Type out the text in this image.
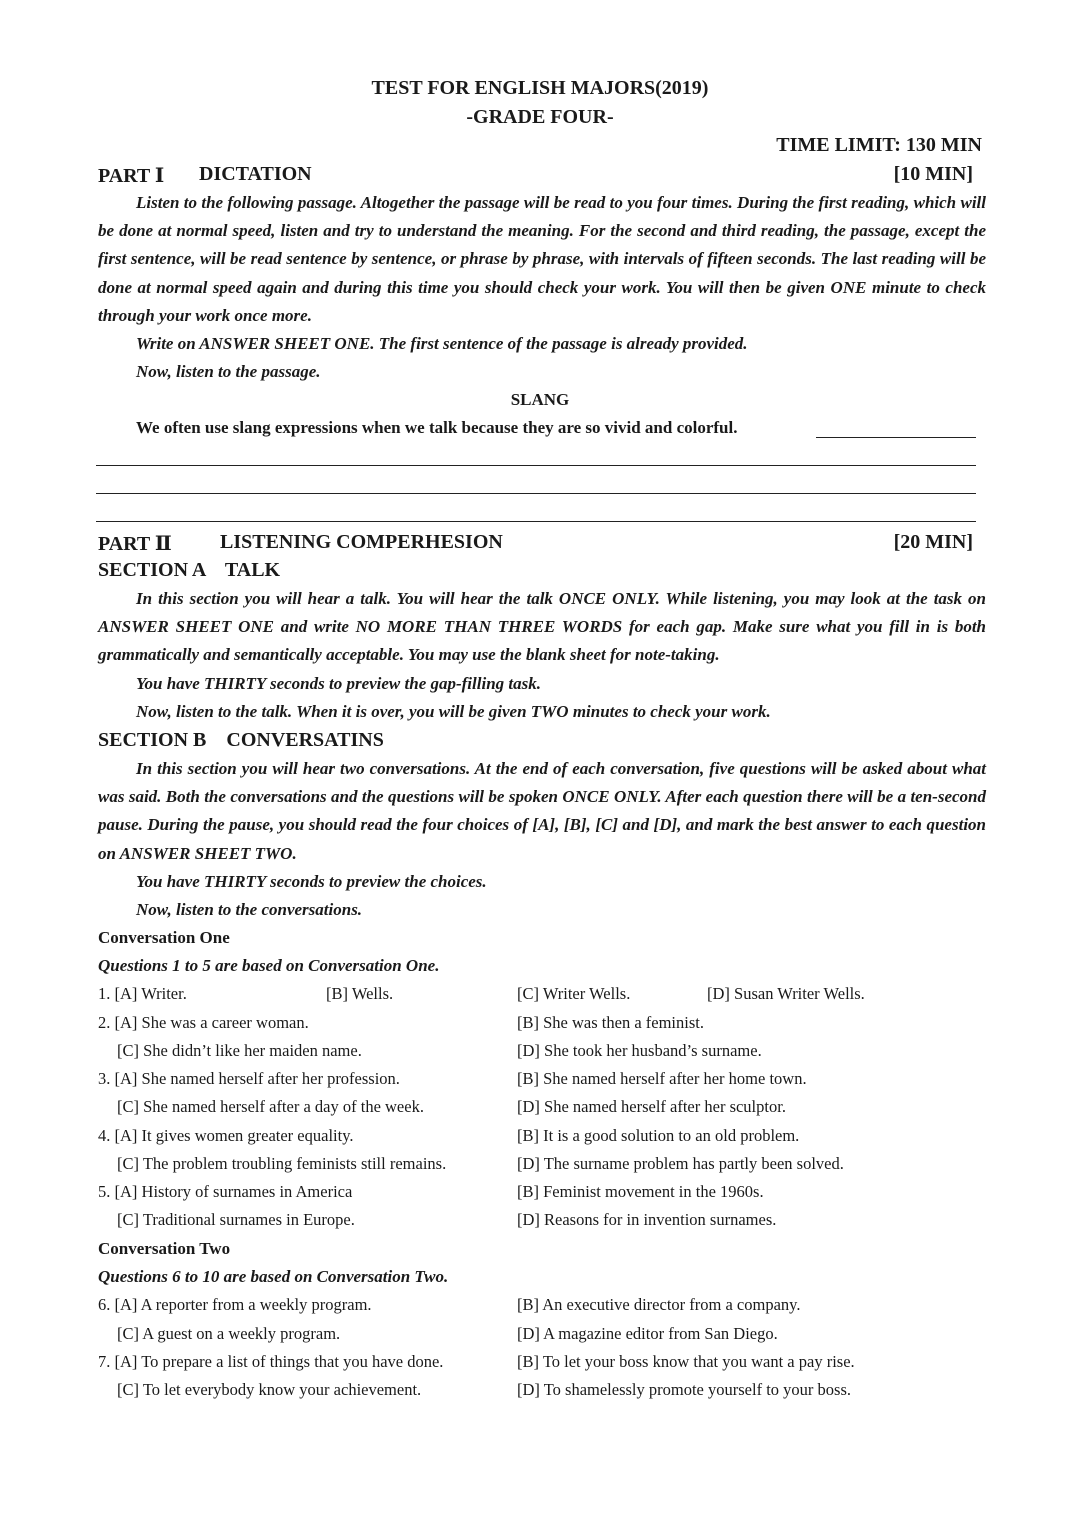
TEST FOR ENGLISH MAJORS(2019)
-GRADE FOUR-
TIME LIMIT: 130 MIN
PART Ⅰ DICTATION	[10 MIN]

Listen to the following passage. Altogether the passage will be read to you four times. During the first reading, which will be done at normal speed, listen and try to understand the meaning. For the second and third reading, the passage, except the first sentence, will be read sentence by sentence, or phrase by phrase, with intervals of fifteen seconds. The last reading will be done at normal speed again and during this time you should check your work. You will then be given ONE minute to check through your work once more.

Write on ANSWER SHEET ONE. The first sentence of the passage is already provided.

Now, listen to the passage.

SLANG
We often use slang expressions when we talk because they are so vivid and colorful.
PART Ⅱ LISTENING COMPERHESION	[20 MIN]
SECTION A    TALK

In this section you will hear a talk. You will hear the talk ONCE ONLY. While listening, you may look at the task on ANSWER SHEET ONE and write NO MORE THAN THREE WORDS for each gap. Make sure what you fill in is both grammatically and semantically acceptable. You may use the blank sheet for note-taking.

You have THIRTY seconds to preview the gap-filling task.

Now, listen to the talk. When it is over, you will be given TWO minutes to check your work.

SECTION B    CONVERSATINS

In this section you will hear two conversations. At the end of each conversation, five questions will be asked about what was said. Both the conversations and the questions will be spoken ONCE ONLY. After each question there will be a ten-second pause. During the pause, you should read the four choices of [A], [B], [C] and [D], and mark the best answer to each question on ANSWER SHEET TWO.

You have THIRTY seconds to preview the choices.

Now, listen to the conversations.

Conversation One
Questions 1 to 5 are based on Conversation One.
1. [A] Writer.	[B] Wells.	[C] Writer Wells.	[D] Susan Writer Wells.
2. [A] She was a career woman.	[B] She was then a feminist.
[C] She didn’t like her maiden name.	[D] She took her husband’s surname.
3. [A] She named herself after her profession.	[B] She named herself after her home town.
[C] She named herself after a day of the week.	[D] She named herself after her sculptor.
4. [A] It gives women greater equality.	[B] It is a good solution to an old problem.
[C] The problem troubling feminists still remains.	[D] The surname problem has partly been solved.
5. [A] History of surnames in America	[B] Feminist movement in the 1960s.
[C] Traditional surnames in Europe.	[D] Reasons for in invention surnames.
Conversation Two
Questions 6 to 10 are based on Conversation Two.
6. [A] A reporter from a weekly program.	[B] An executive director from a company.
[C] A guest on a weekly program.	[D] A magazine editor from San Diego.
7. [A] To prepare a list of things that you have done.	[B] To let your boss know that you want a pay rise.
[C] To let everybody know your achievement.	[D] To shamelessly promote yourself to your boss.
